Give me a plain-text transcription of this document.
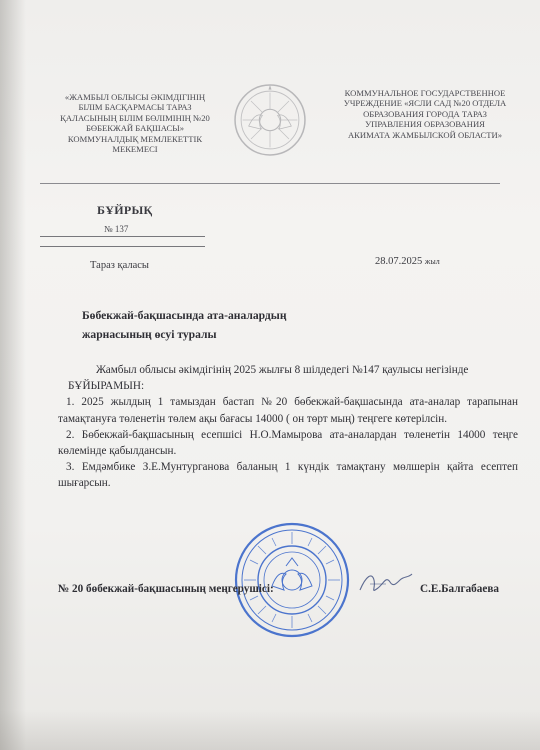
«ЖАМБЫЛ ОБЛЫСЫ ӘКІМДІГІНІҢ
БІЛІМ БАСҚАРМАСЫ ТАРАЗ
ҚАЛАСЫНЫҢ БІЛІМ БӨЛІМІНІҢ №20
БӨБЕКЖАЙ БАҚШАСЫ»
КОММУНАЛДЫҚ МЕМЛЕКЕТТІК
МЕКЕМЕСІ
КОММУНАЛЬНОЕ ГОСУДАРСТВЕННОЕ
УЧРЕЖДЕНИЕ «ЯСЛИ САД №20 ОТДЕЛА
ОБРАЗОВАНИЯ ГОРОДА ТАРАЗ
УПРАВЛЕНИЯ ОБРАЗОВАНИЯ
АКИМАТА ЖАМБЫЛСКОЙ ОБЛАСТИ»
БҰЙРЫҚ
№ 137
Тараз қаласы	28.07.2025 жыл
Бөбекжай-бақшасында ата-аналардың
жарнасының өсуі туралы

Жамбыл облысы әкімдігінің 2025 жылғы 8 шілдедегі №147 қаулысы негізінде

БҰЙЫРАМЫН:

1. 2025 жылдың 1 тамыздан бастап №20 бөбекжай-бақшасында ата-аналар тарапынан тамақтануға төленетін төлем ақы бағасы 14000 ( он төрт мың) теңгеге көтерілсін.

2. Бөбекжай-бақшасының есепшісі Н.О.Мамырова ата-аналардан төленетін 14000 теңге көлемінде қабылдансын.

3. Емдәмбике З.Е.Мунтурганова баланың 1 күндік тамақтану мөлшерін қайта есептеп шығарсын.

№ 20 бөбекжай-бақшасының меңгерушісі:	С.Е.Балгабаева
